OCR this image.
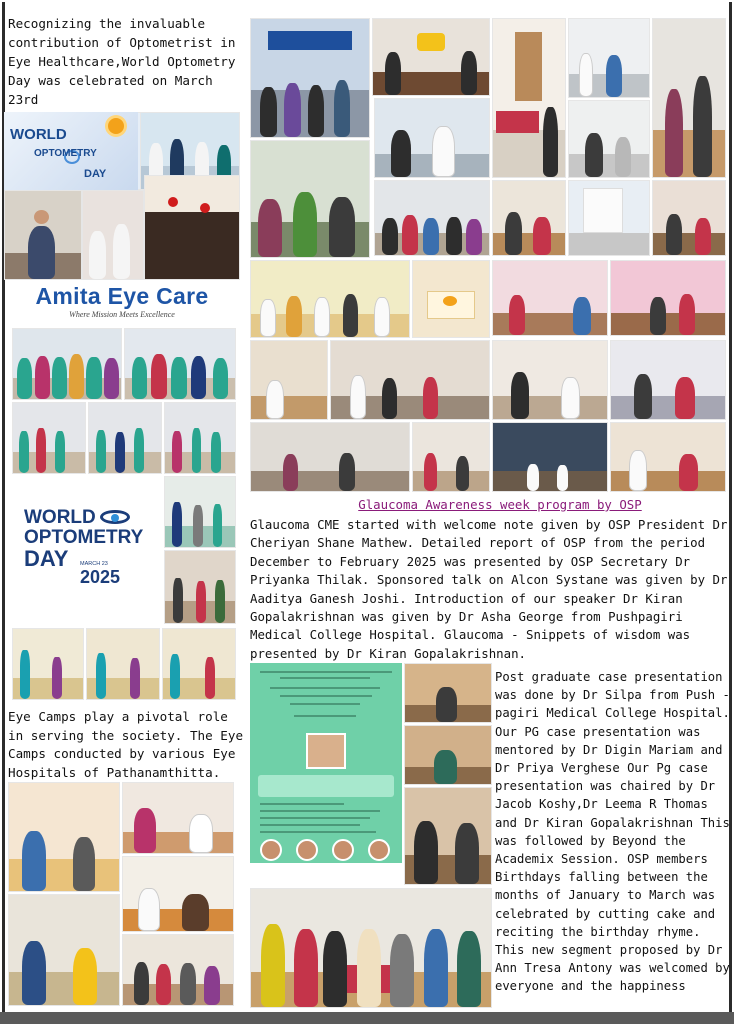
Recognizing the invaluable contribution of Optometrist in Eye Healthcare,World Optometry Day was celebrated on March 23rd
WORLD
OPTOMETRY
DAY
Amita Eye Care
Where Mission Meets Excellence
WORLD
OPTOMETRY
DAY	MARCH 23
2025
Eye Camps play a pivotal role in serving the society. The Eye Camps conducted by various Eye Hospitals of Pathanamthitta.
Glaucoma Awareness week program by OSP
Glaucoma CME started with welcome note given by OSP President Dr Cheriyan Shane Mathew. Detailed report of OSP from the period December to February 2025 was presented by OSP Secretary Dr Priyanka Thilak. Sponsored talk on Alcon Systane was given by Dr Aaditya Ganesh Joshi. Introduction of our speaker Dr Kiran Gopalakrishnan was given by Dr Asha George from Pushpagiri Medical College Hospital. Glaucoma - Snippets of wisdom was presented by Dr Kiran Gopalakrishnan.
Post graduate case presentation was done by Dr Silpa from Push -pagiri Medical College Hospital. Our PG case presentation was mentored by Dr Digin Mariam and Dr Priya Verghese Our Pg case presentation was chaired by Dr Jacob Koshy,Dr Leema R Thomas and Dr Kiran Gopalakrishnan This was followed by Beyond the Academix Session. OSP members Birthdays falling between the months of January to March was celebrated by cutting cake and reciting the birthday rhyme. This new segment proposed by Dr Ann Tresa Antony was welcomed by everyone and the happiness
